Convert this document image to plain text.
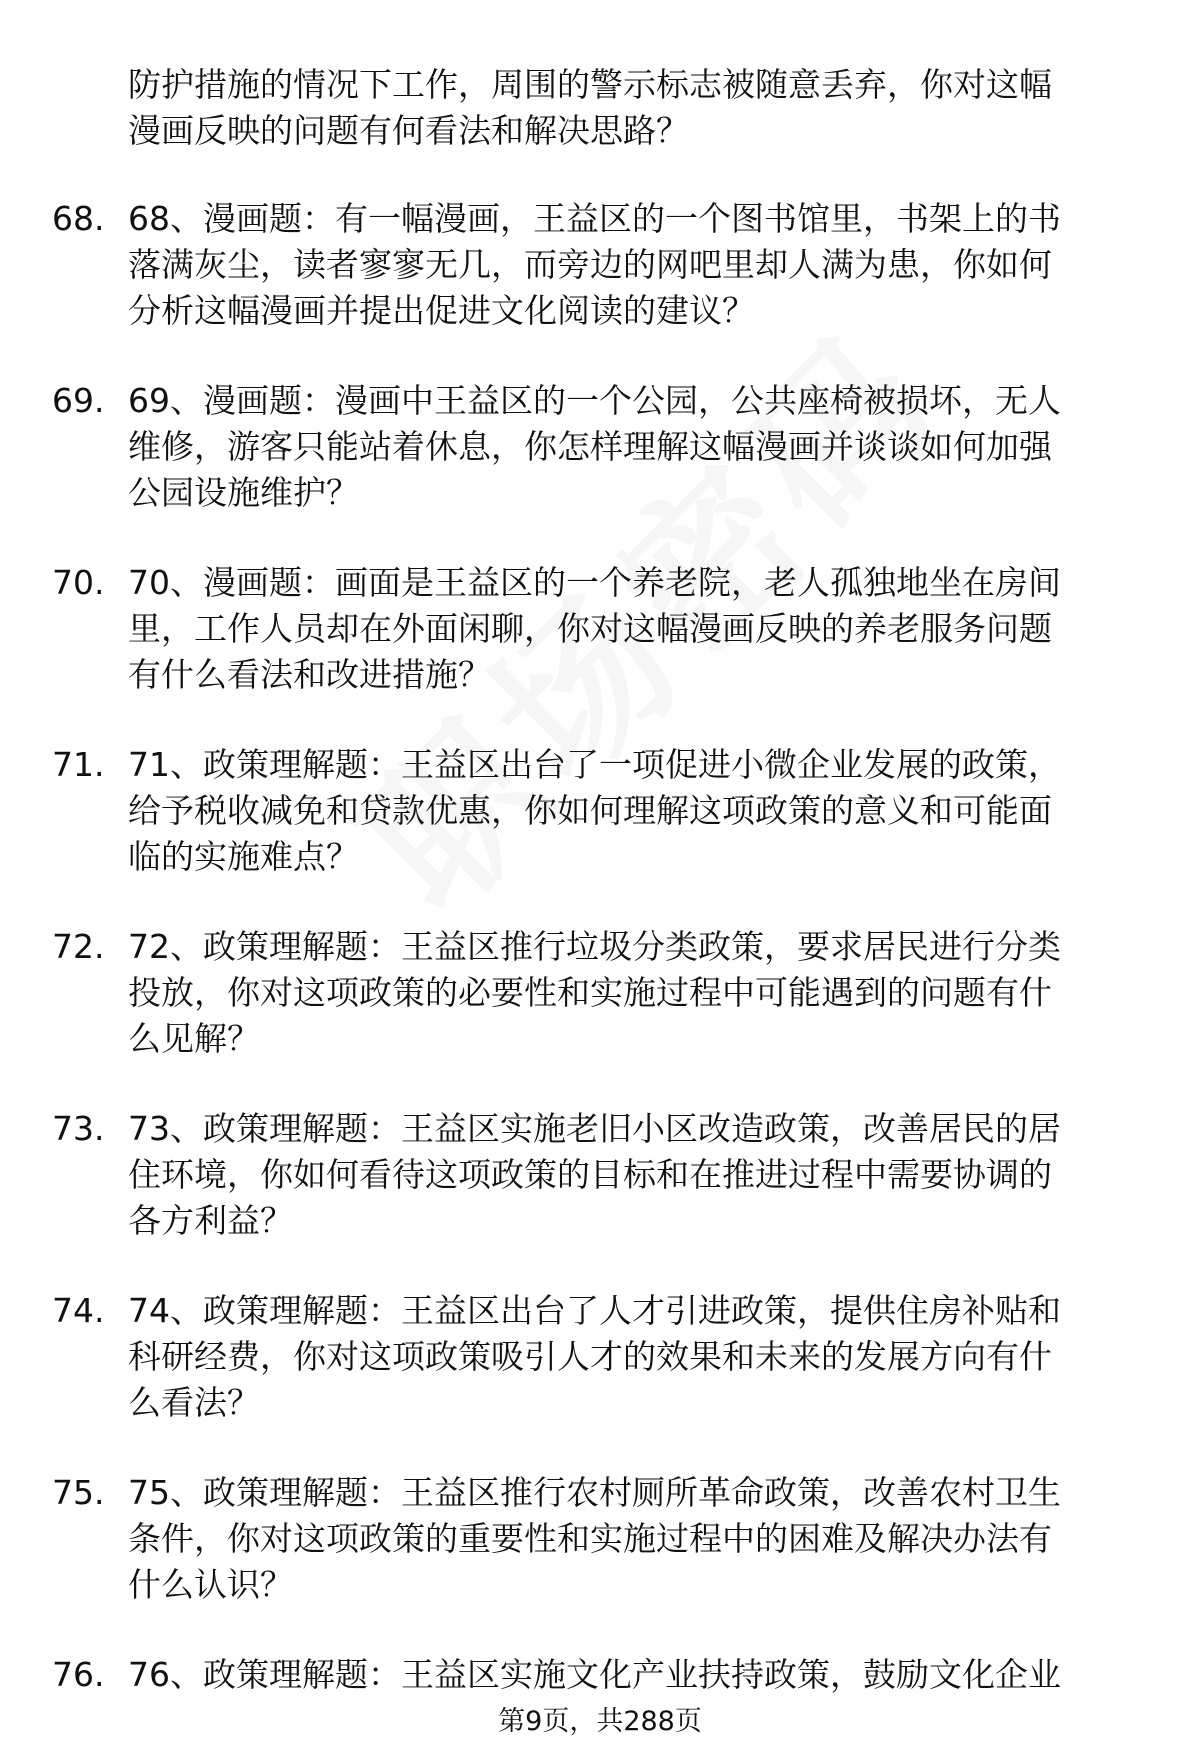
防护措施的情况下工作，周围的警示标志被随意丢弃，你对这幅
漫画反映的问题有何看法和解决思路？
68. 68、漫画题：有一幅漫画，王益区的一个图书馆里，书架上的书
落满灰尘，读者寥寥无几，而旁边的网吧里却人满为患，你如何
分析这幅漫画并提出促进文化阅读的建议？
69. 69、漫画题：漫画中王益区的一个公园，公共座椅被损坏，无人
维修，游客只能站着休息，你怎样理解这幅漫画并谈谈如何加强
公园设施维护？
70. 70、漫画题：画面是王益区的一个养老院，老人孤独地坐在房间
里，工作人员却在外面闲聊，你对这幅漫画反映的养老服务问题
有什么看法和改进措施？
71. 71、政策理解题：王益区出台了一项促进小微企业发展的政策，
给予税收减免和贷款优惠，你如何理解这项政策的意义和可能面
临的实施难点？
72. 72、政策理解题：王益区推行垃圾分类政策，要求居民进行分类
投放，你对这项政策的必要性和实施过程中可能遇到的问题有什
么见解？
73. 73、政策理解题：王益区实施老旧小区改造政策，改善居民的居
住环境，你如何看待这项政策的目标和在推进过程中需要协调的
各方利益？
74. 74、政策理解题：王益区出台了人才引进政策，提供住房补贴和
科研经费，你对这项政策吸引人才的效果和未来的发展方向有什
么看法？
75. 75、政策理解题：王益区推行农村厕所革命政策，改善农村卫生
条件，你对这项政策的重要性和实施过程中的困难及解决办法有
什么认识？
76. 76、政策理解题：王益区实施文化产业扶持政策，鼓励文化企业
第9页，共288页
